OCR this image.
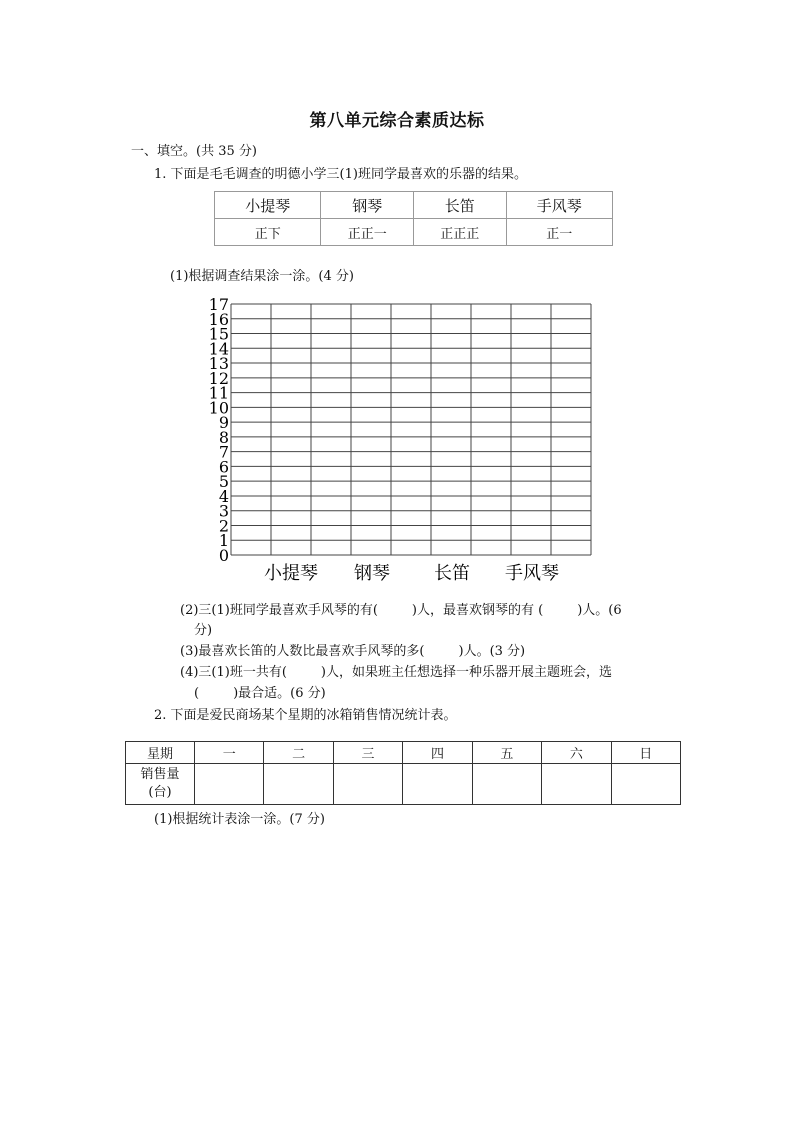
第八单元综合素质达标
一、填空。(共 35 分)
1. 下面是毛毛调查的明德小学三(1)班同学最喜欢的乐器的结果。
小提琴	钢琴	长笛	手风琴
正下	正正一	正正正	正一
(1)根据调查结果涂一涂。(4 分)
0
1
2
3
4
5
6
7
8
9
10
11
12
13
14
15
16
17
小提琴 钢琴 长笛 手风琴
(2)三(1)班同学最喜欢手风琴的有(	)人，最喜欢钢琴的有 (	)人。(6
分)
(3)最喜欢长笛的人数比最喜欢手风琴的多(	)人。(3 分)
(4)三(1)班一共有(	)人，如果班主任想选择一种乐器开展主题班会，选
(	)最合适。(6 分)
2. 下面是爱民商场某个星期的冰箱销售情况统计表。
星期	一	二	三	四	五	六	日
销售量
(台)							
(1)根据统计表涂一涂。(7 分)
